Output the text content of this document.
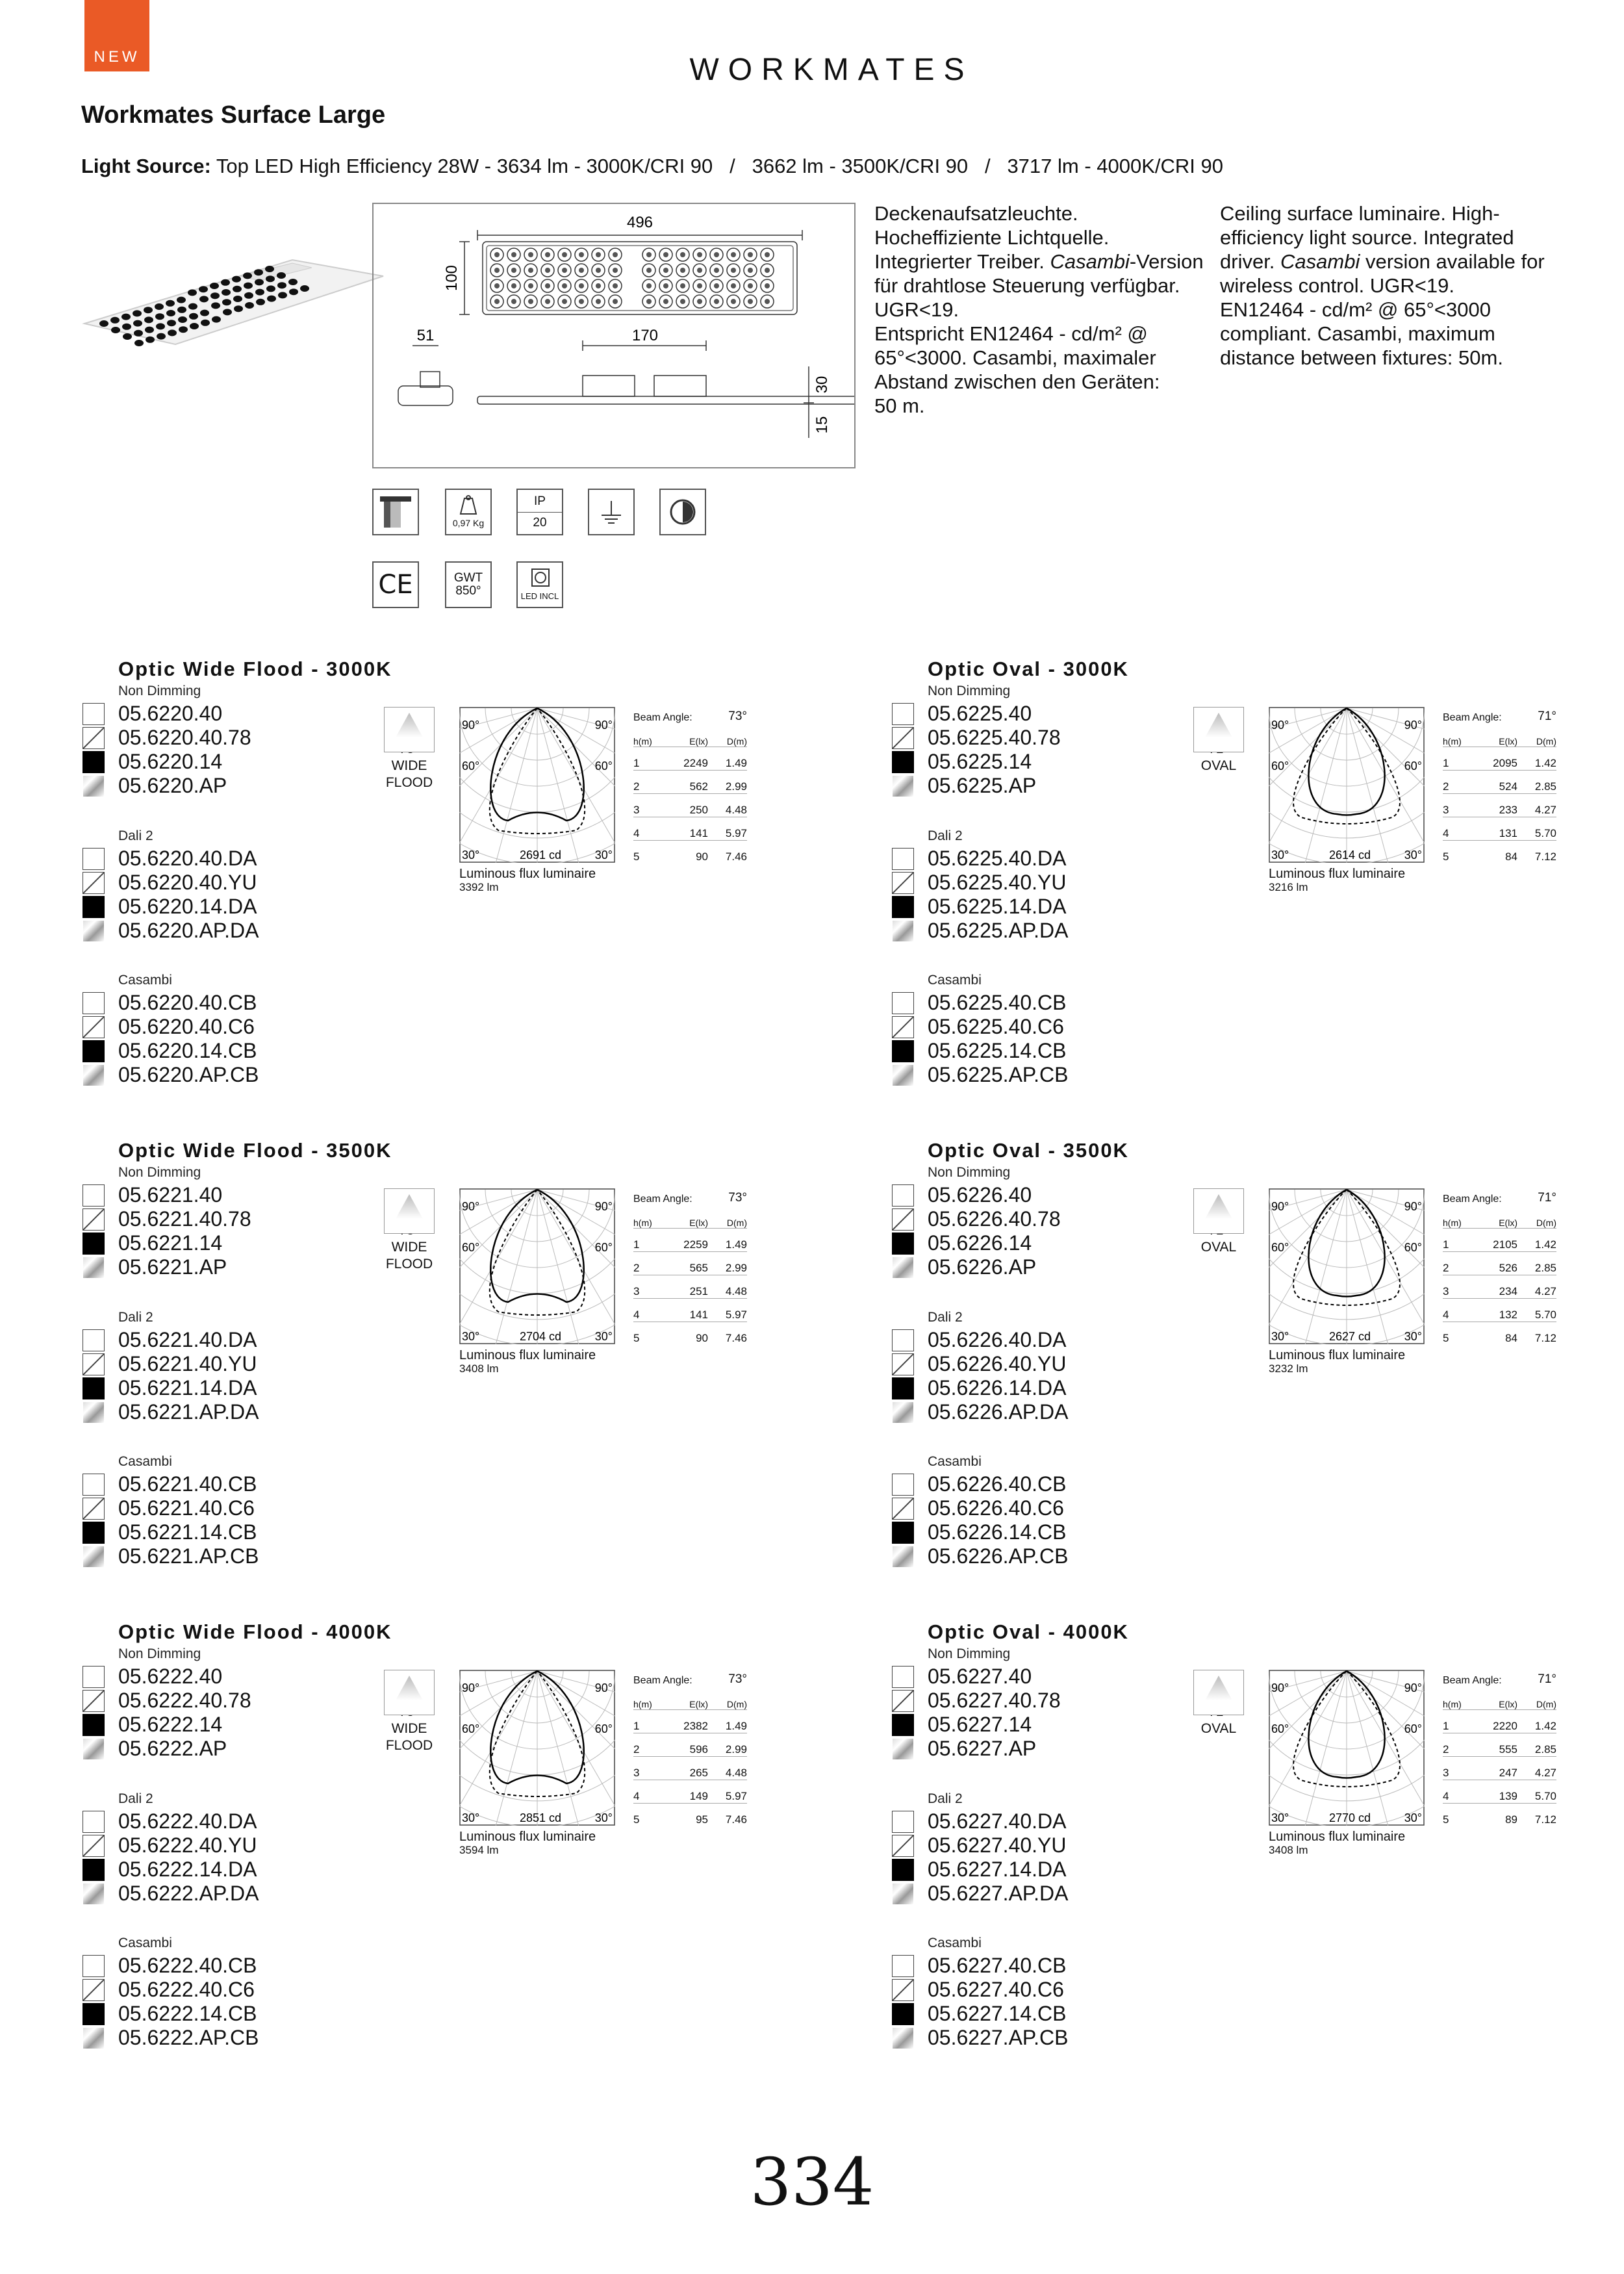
NEW	WORKMATES
Workmates Surface Large
Light Source: Top LED High Efficiency 28W - 3634 lm - 3000K/CRI 90   /   3662 lm - 3500K/CRI 90   /   3717 lm - 4000K/CRI 90
496
100
51	170
30
15
Deckenaufsatzleuchte.
Hocheffiziente Lichtquelle.
Integrierter Treiber. Casambi-Version
für drahtlose Steuerung verfügbar.
UGR<19.
Entspricht EN12464 - cd/m² @
65°<3000. Casambi, maximaler
Abstand zwischen den Geräten:
50 m.
Ceiling surface luminaire. High-
efficiency light source. Integrated
driver. Casambi version available for
wireless control. UGR<19.
EN12464 - cd/m² @ 65°<3000
compliant. Casambi, maximum
distance between fixtures: 50m.
0,97 Kg
IP
20
CE	GWT
850°	LED INCL
Optic Wide Flood - 3000K
Non Dimming
05.6220.40
05.6220.40.78
05.6220.14
05.6220.AP
Dali 2
05.6220.40.DA
05.6220.40.YU
05.6220.14.DA
05.6220.AP.DA
Casambi
05.6220.40.CB
05.6220.40.C6
05.6220.14.CB
05.6220.AP.CB
WIDE
FLOOD
90°	90°
60°	60°
30°	30°
2691 cd
Luminous flux luminaire
3392 lm
Beam Angle:	73°
h(m)	E(lx)	D(m)
1	2249	1.49
2	562	2.99
3	250	4.48
4	141	5.97
5	90	7.46
Optic Oval - 3000K
Non Dimming
05.6225.40
05.6225.40.78
05.6225.14
05.6225.AP
Dali 2
05.6225.40.DA
05.6225.40.YU
05.6225.14.DA
05.6225.AP.DA
Casambi
05.6225.40.CB
05.6225.40.C6
05.6225.14.CB
05.6225.AP.CB
OVAL
90°	90°
60°	60°
30°	30°
2614 cd
Luminous flux luminaire
3216 lm
Beam Angle:	71°
h(m)	E(lx)	D(m)
1	2095	1.42
2	524	2.85
3	233	4.27
4	131	5.70
5	84	7.12
Optic Wide Flood - 3500K
Non Dimming
05.6221.40
05.6221.40.78
05.6221.14
05.6221.AP
Dali 2
05.6221.40.DA
05.6221.40.YU
05.6221.14.DA
05.6221.AP.DA
Casambi
05.6221.40.CB
05.6221.40.C6
05.6221.14.CB
05.6221.AP.CB
WIDE
FLOOD
90°	90°
60°	60°
30°	30°
2704 cd
Luminous flux luminaire
3408 lm
Beam Angle:	73°
h(m)	E(lx)	D(m)
1	2259	1.49
2	565	2.99
3	251	4.48
4	141	5.97
5	90	7.46
Optic Oval - 3500K
Non Dimming
05.6226.40
05.6226.40.78
05.6226.14
05.6226.AP
Dali 2
05.6226.40.DA
05.6226.40.YU
05.6226.14.DA
05.6226.AP.DA
Casambi
05.6226.40.CB
05.6226.40.C6
05.6226.14.CB
05.6226.AP.CB
OVAL
90°	90°
60°	60°
30°	30°
2627 cd
Luminous flux luminaire
3232 lm
Beam Angle:	71°
h(m)	E(lx)	D(m)
1	2105	1.42
2	526	2.85
3	234	4.27
4	132	5.70
5	84	7.12
Optic Wide Flood - 4000K
Non Dimming
05.6222.40
05.6222.40.78
05.6222.14
05.6222.AP
Dali 2
05.6222.40.DA
05.6222.40.YU
05.6222.14.DA
05.6222.AP.DA
Casambi
05.6222.40.CB
05.6222.40.C6
05.6222.14.CB
05.6222.AP.CB
WIDE
FLOOD
90°	90°
60°	60°
30°	30°
2851 cd
Luminous flux luminaire
3594 lm
Beam Angle:	73°
h(m)	E(lx)	D(m)
1	2382	1.49
2	596	2.99
3	265	4.48
4	149	5.97
5	95	7.46
Optic Oval - 4000K
Non Dimming
05.6227.40
05.6227.40.78
05.6227.14
05.6227.AP
Dali 2
05.6227.40.DA
05.6227.40.YU
05.6227.14.DA
05.6227.AP.DA
Casambi
05.6227.40.CB
05.6227.40.C6
05.6227.14.CB
05.6227.AP.CB
OVAL
90°	90°
60°	60°
30°	30°
2770 cd
Luminous flux luminaire
3408 lm
Beam Angle:	71°
h(m)	E(lx)	D(m)
1	2220	1.42
2	555	2.85
3	247	4.27
4	139	5.70
5	89	7.12
334
